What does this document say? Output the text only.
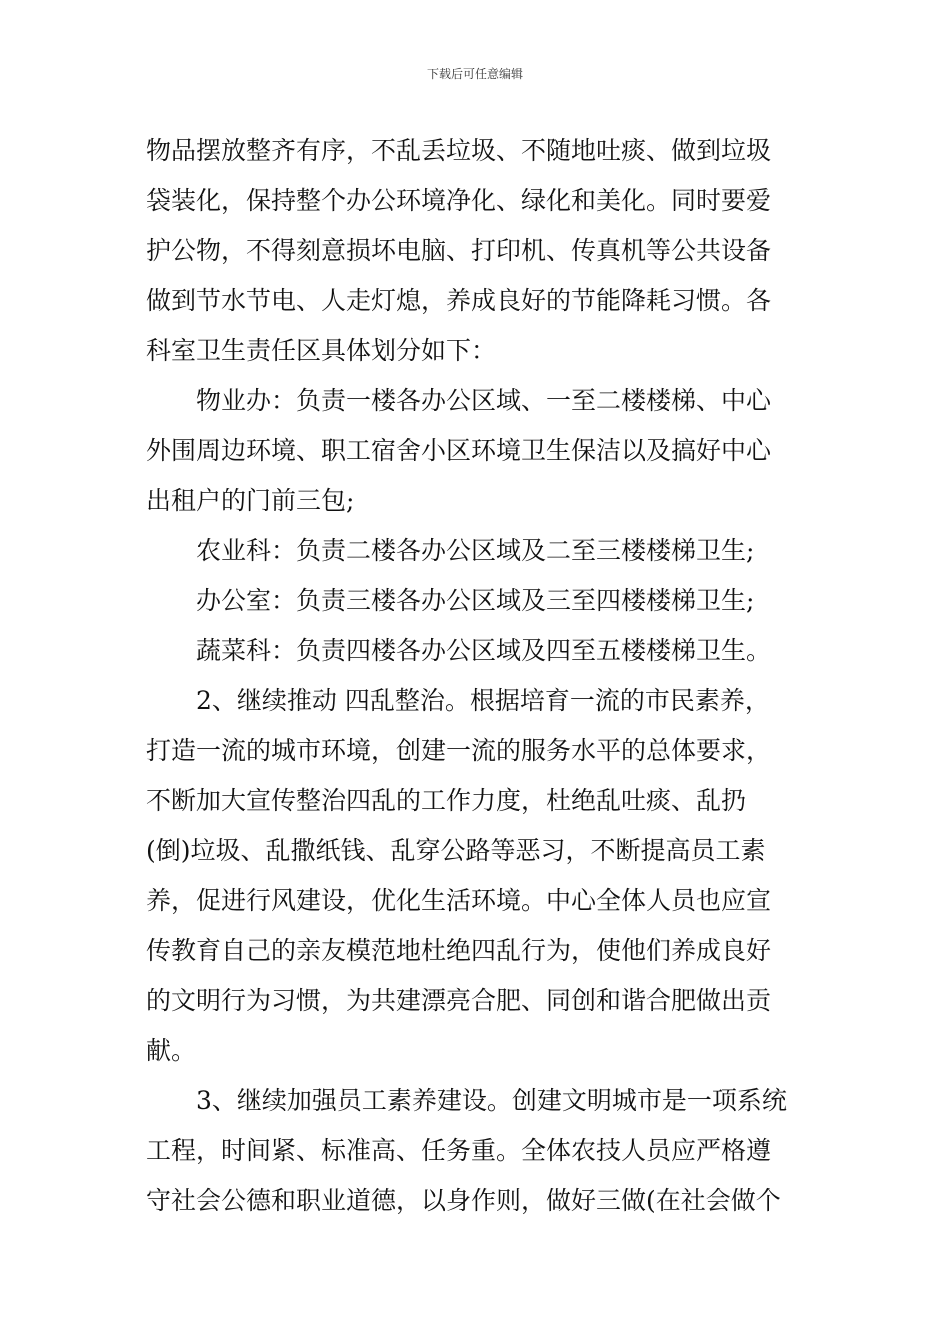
下载后可任意编辑
物品摆放整齐有序，不乱丢垃圾、不随地吐痰、做到垃圾
袋装化，保持整个办公环境净化、绿化和美化。同时要爱
护公物，不得刻意损坏电脑、打印机、传真机等公共设备
做到节水节电、人走灯熄，养成良好的节能降耗习惯。各
科室卫生责任区具体划分如下：
物业办：负责一楼各办公区域、一至二楼楼梯、中心
外围周边环境、职工宿舍小区环境卫生保洁以及搞好中心
出租户的门前三包;
农业科：负责二楼各办公区域及二至三楼楼梯卫生;
办公室：负责三楼各办公区域及三至四楼楼梯卫生;
蔬菜科：负责四楼各办公区域及四至五楼楼梯卫生。
2、继续推动 四乱整治。根据培育一流的市民素养，
打造一流的城市环境，创建一流的服务水平的总体要求，
不断加大宣传整治四乱的工作力度，杜绝乱吐痰、乱扔
(倒)垃圾、乱撒纸钱、乱穿公路等恶习，不断提高员工素
养，促进行风建设，优化生活环境。中心全体人员也应宣
传教育自己的亲友模范地杜绝四乱行为，使他们养成良好
的文明行为习惯，为共建漂亮合肥、同创和谐合肥做出贡
献。
3、继续加强员工素养建设。创建文明城市是一项系统
工程，时间紧、标准高、任务重。全体农技人员应严格遵
守社会公德和职业道德，以身作则，做好三做(在社会做个
